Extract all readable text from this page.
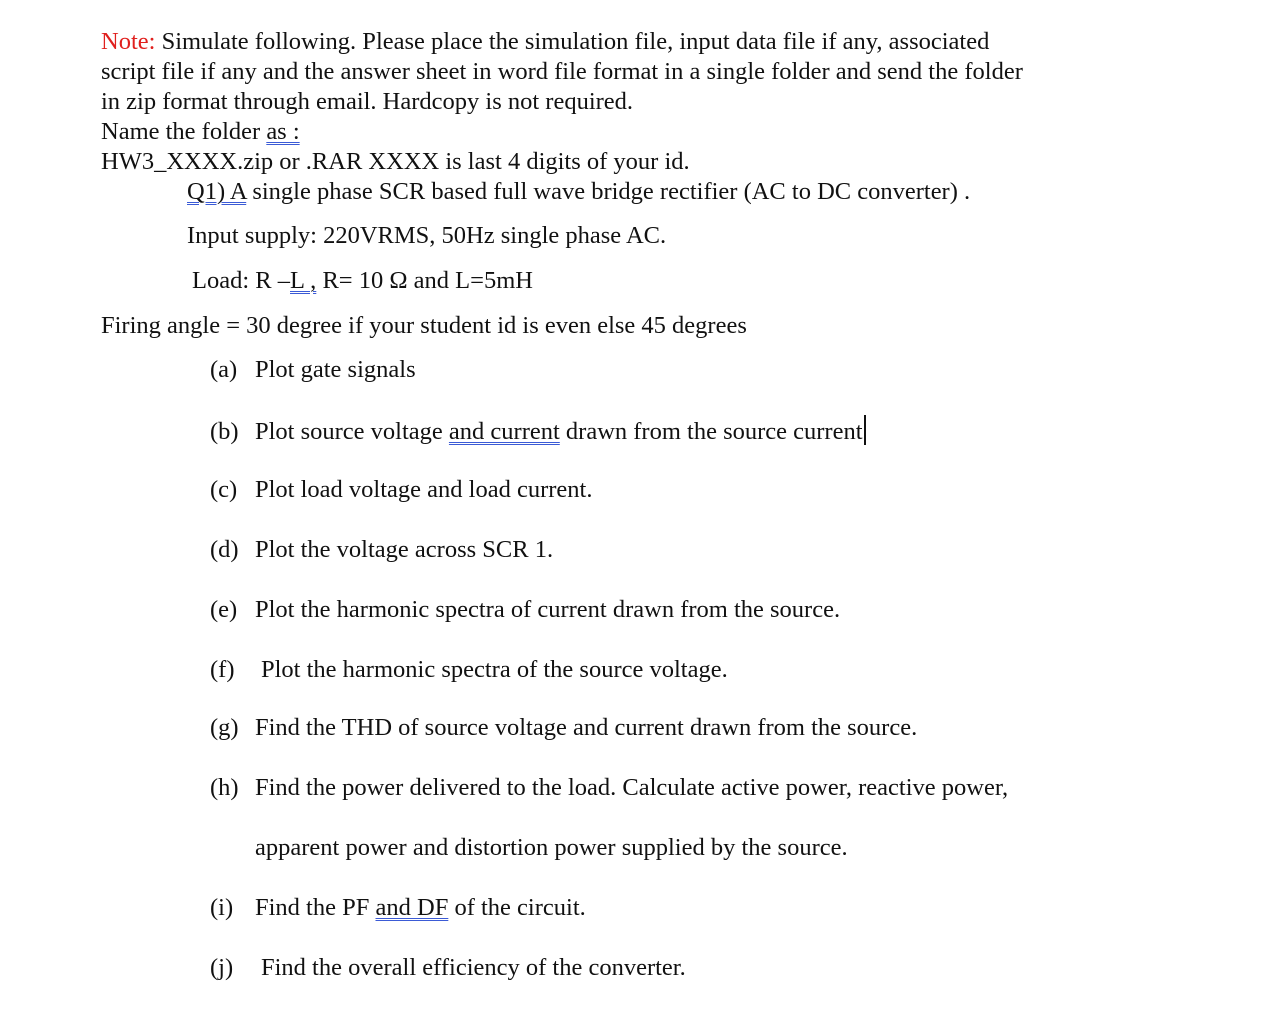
Note: Simulate following. Please place the simulation file, input data file if any, associated
script file if any and the answer sheet in word file format in a single folder and send the folder
in zip format through email. Hardcopy is not required.
Name the folder as :
HW3_XXXX.zip or .RAR XXXX is last 4 digits of your id.
Q1) A single phase SCR based full wave bridge rectifier (AC to DC converter) .
Input supply: 220VRMS, 50Hz single phase AC.
Load: R –L , R= 10 Ω and L=5mH
Firing angle = 30 degree if your student id is even else 45 degrees
(a) Plot gate signals
(b) Plot source voltage and current drawn from the source current
(c) Plot load voltage and load current.
(d) Plot the voltage across SCR 1.
(e) Plot the harmonic spectra of current drawn from the source.
(f) Plot the harmonic spectra of the source voltage.
(g) Find the THD of source voltage and current drawn from the source.
(h) Find the power delivered to the load. Calculate active power, reactive power,
apparent power and distortion power supplied by the source.
(i) Find the PF and DF of the circuit.
(j) Find the overall efficiency of the converter.
